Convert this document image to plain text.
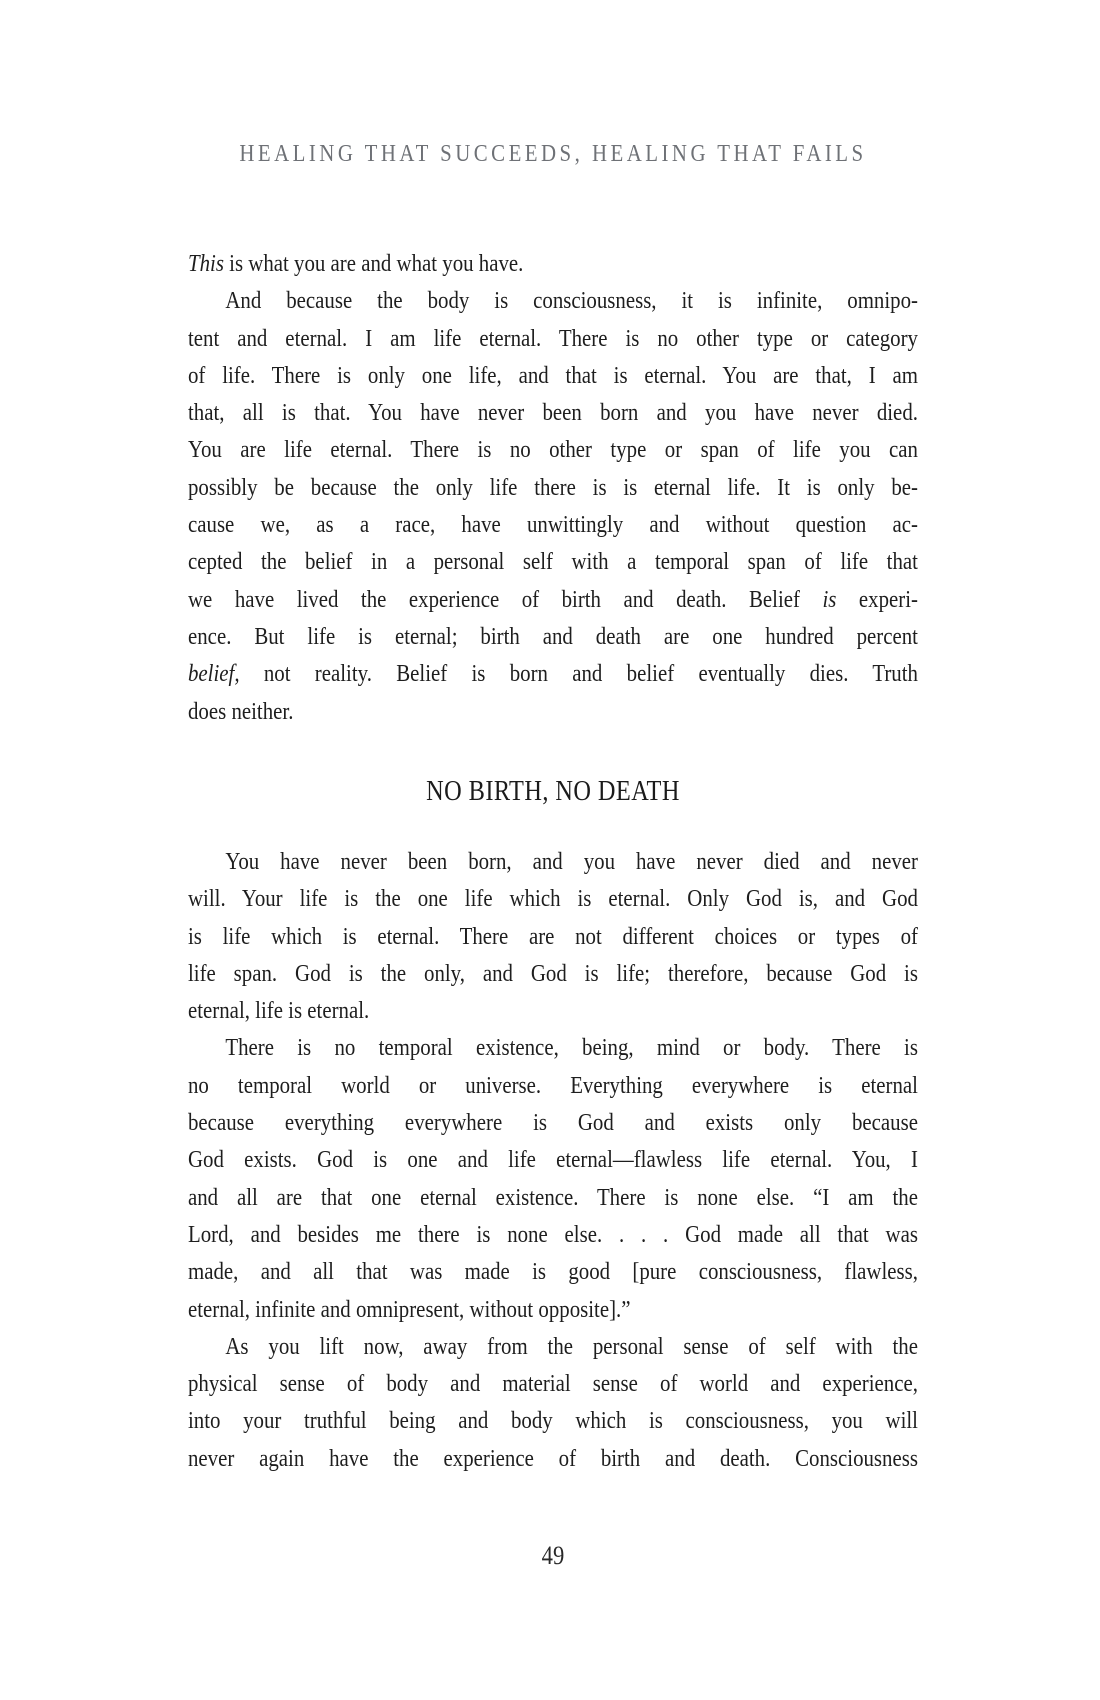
HEALING THAT SUCCEEDS, HEALING THAT FAILS
This is what you are and what you have.
And because the body is consciousness, it is infinite, omnipo-
tent and eternal. I am life eternal. There is no other type or category
of life. There is only one life, and that is eternal. You are that, I am
that, all is that. You have never been born and you have never died.
You are life eternal. There is no other type or span of life you can
possibly be because the only life there is is eternal life. It is only be-
cause we, as a race, have unwittingly and without question ac-
cepted the belief in a personal self with a temporal span of life that
we have lived the experience of birth and death. Belief is experi-
ence. But life is eternal; birth and death are one hundred percent
belief, not reality. Belief is born and belief eventually dies. Truth
does neither.
NO BIRTH, NO DEATH
You have never been born, and you have never died and never
will. Your life is the one life which is eternal. Only God is, and God
is life which is eternal. There are not different choices or types of
life span. God is the only, and God is life; therefore, because God is
eternal, life is eternal.
There is no temporal existence, being, mind or body. There is
no temporal world or universe. Everything everywhere is eternal
because everything everywhere is God and exists only because
God exists. God is one and life eternal—flawless life eternal. You, I
and all are that one eternal existence. There is none else. “I am the
Lord, and besides me there is none else. . . . God made all that was
made, and all that was made is good [pure consciousness, flawless,
eternal, infinite and omnipresent, without opposite].”
As you lift now, away from the personal sense of self with the
physical sense of body and material sense of world and experience,
into your truthful being and body which is consciousness, you will
never again have the experience of birth and death. Consciousness
49
